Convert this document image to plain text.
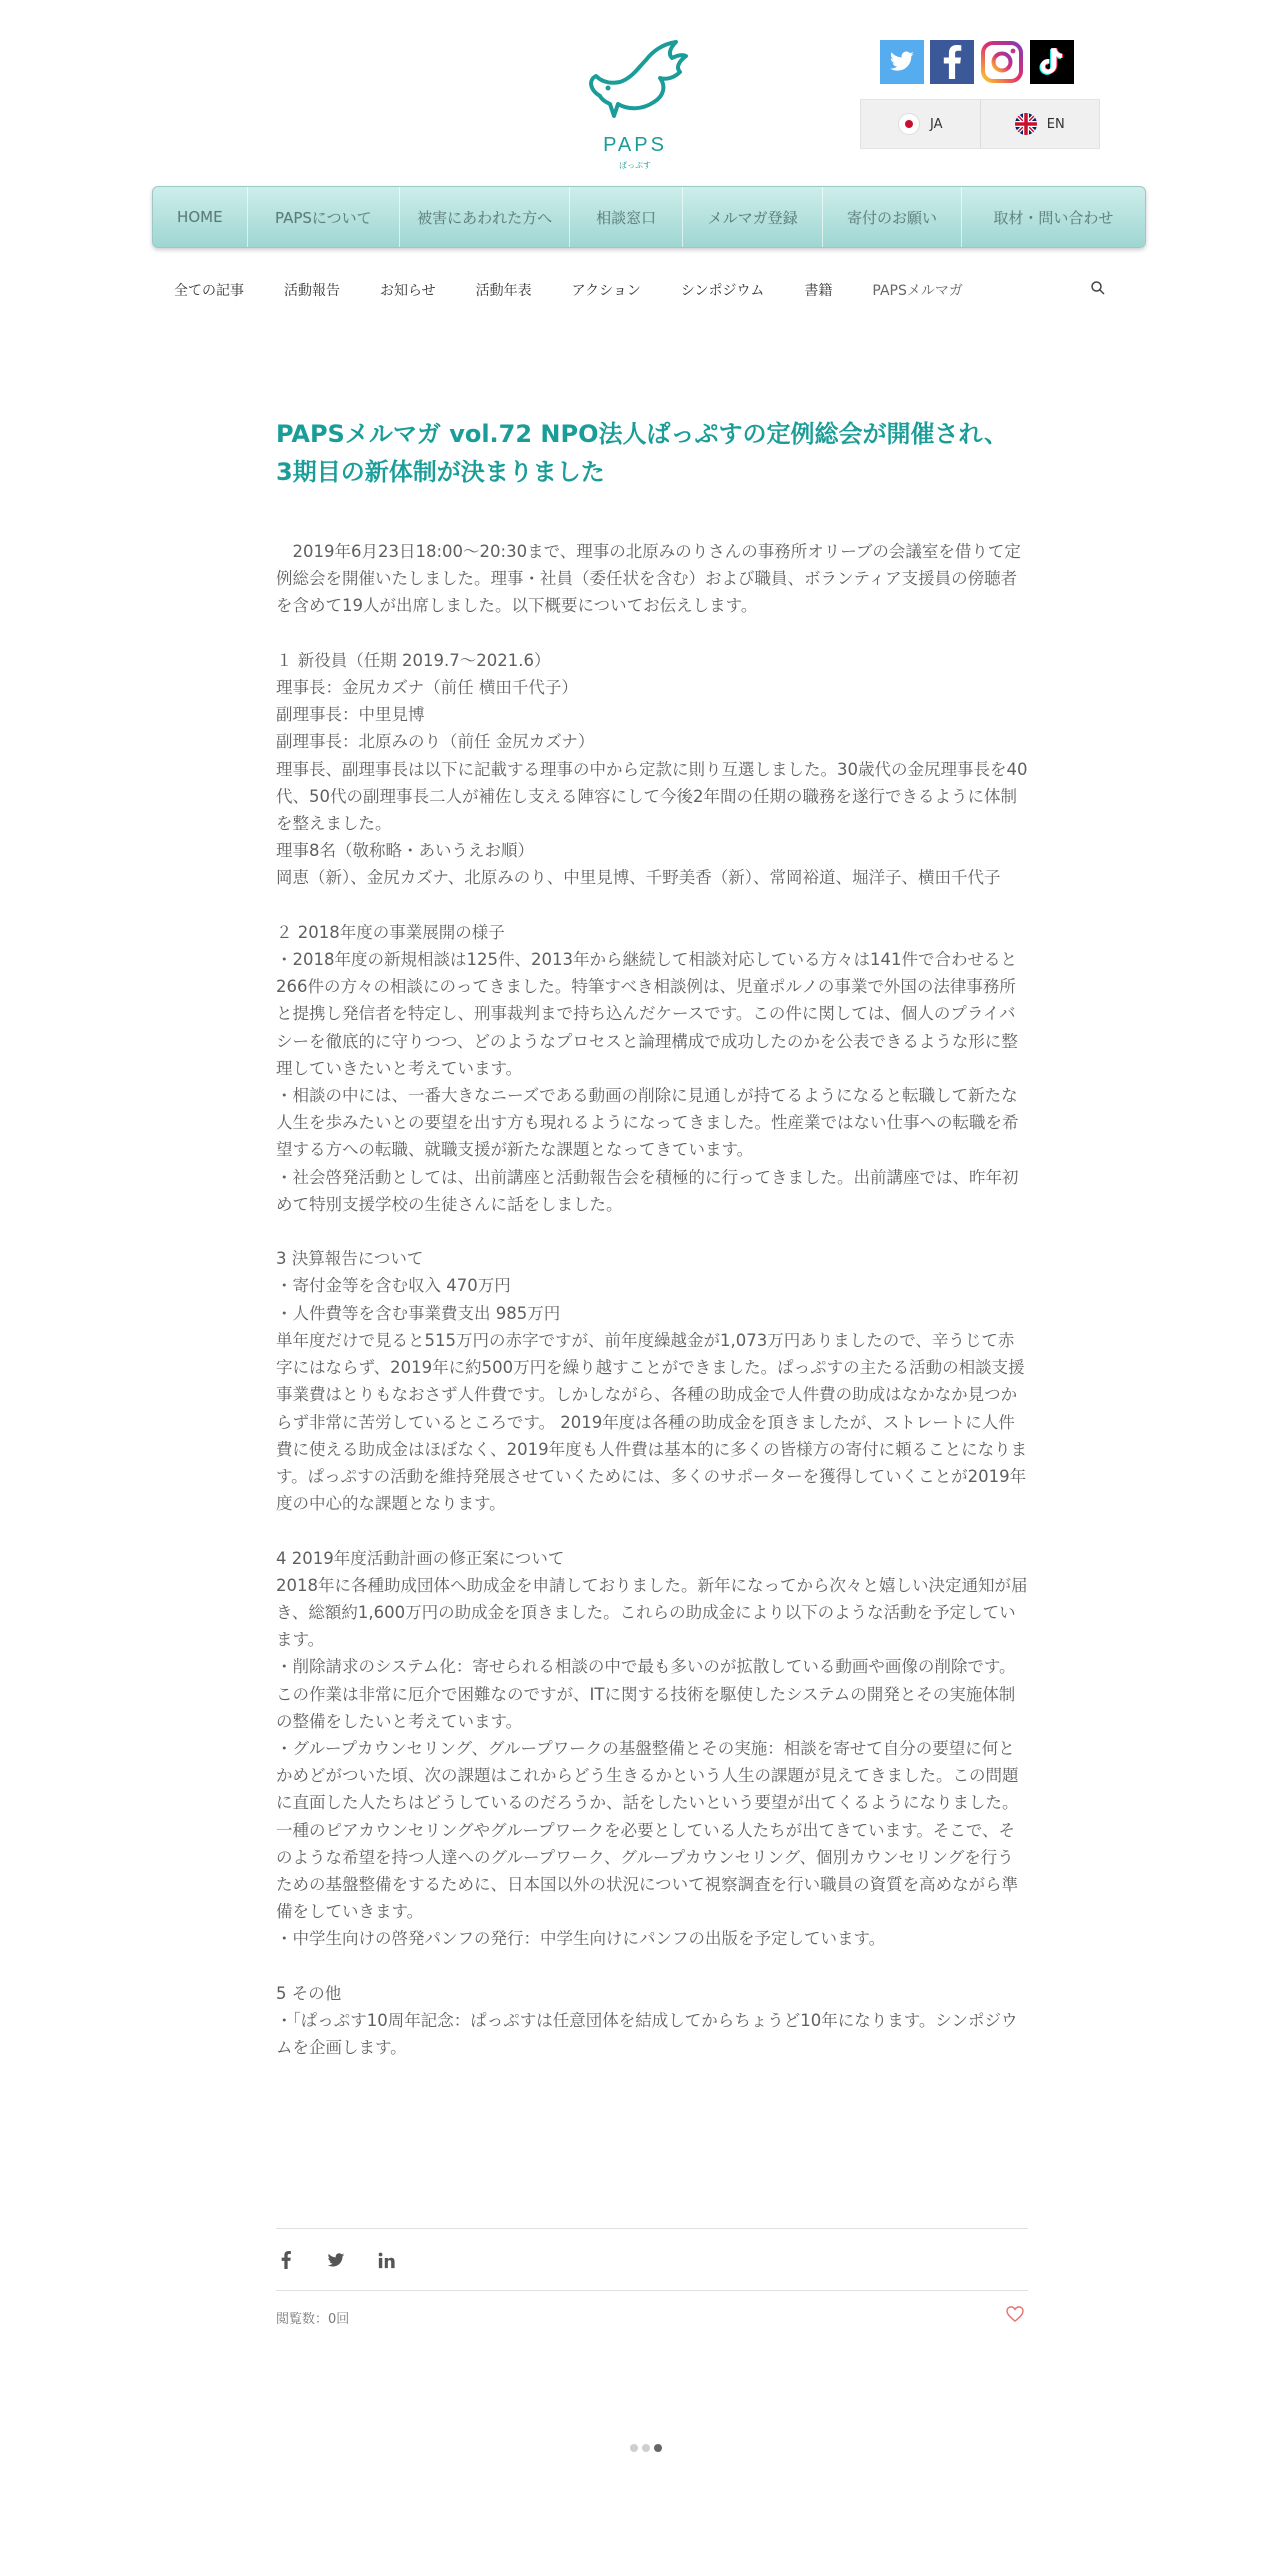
PAPS
ぱっぷす
JA	EN
HOME	PAPSについて	被害にあわれた方へ	相談窓口	メルマガ登録	寄付のお願い	取材・問い合わせ
全ての記事	活動報告	お知らせ	活動年表	アクション	シンポジウム	書籍	PAPSメルマガ
PAPSメルマガ vol.72 NPO法人ぱっぷすの定例総会が開催され、3期目の新体制が決まりました

　2019年6月23日18:00～20:30まで、理事の北原みのりさんの事務所オリーブの会議室を借りて定例総会を開催いたしました。理事・社員（委任状を含む）および職員、ボランティア支援員の傍聴者を含めて19人が出席しました。以下概要についてお伝えします。

１ 新役員（任期 2019.7～2021.6）

理事長：金尻カズナ（前任 横田千代子）

副理事長：中里見博

副理事長：北原みのり（前任 金尻カズナ）

理事長、副理事長は以下に記載する理事の中から定款に則り互選しました。30歳代の金尻理事長を40代、50代の副理事長二人が補佐し支える陣容にして今後2年間の任期の職務を遂行できるように体制を整えました。

理事8名（敬称略・あいうえお順）

岡恵（新）、金尻カズナ、北原みのり、中里見博、千野美香（新）、常岡裕道、堀洋子、横田千代子

２ 2018年度の事業展開の様子

・2018年度の新規相談は125件、2013年から継続して相談対応している方々は141件で合わせると266件の方々の相談にのってきました。特筆すべき相談例は、児童ポルノの事業で外国の法律事務所と提携し発信者を特定し、刑事裁判まで持ち込んだケースです。この件に関しては、個人のプライバシーを徹底的に守りつつ、どのようなプロセスと論理構成で成功したのかを公表できるような形に整理していきたいと考えています。

・相談の中には、一番大きなニーズである動画の削除に見通しが持てるようになると転職して新たな人生を歩みたいとの要望を出す方も現れるようになってきました。性産業ではない仕事への転職を希望する方への転職、就職支援が新たな課題となってきています。

・社会啓発活動としては、出前講座と活動報告会を積極的に行ってきました。出前講座では、昨年初めて特別支援学校の生徒さんに話をしました。

3 決算報告について

・寄付金等を含む収入 470万円

・人件費等を含む事業費支出 985万円

単年度だけで見ると515万円の赤字ですが、前年度繰越金が1,073万円ありましたので、辛うじて赤字にはならず、2019年に約500万円を繰り越すことができました。ぱっぷすの主たる活動の相談支援事業費はとりもなおさず人件費です。しかしながら、各種の助成金で人件費の助成はなかなか見つからず非常に苦労しているところです。 2019年度は各種の助成金を頂きましたが、ストレートに人件費に使える助成金はほぼなく、2019年度も人件費は基本的に多くの皆様方の寄付に頼ることになります。ぱっぷすの活動を維持発展させていくためには、多くのサポーターを獲得していくことが2019年度の中心的な課題となります。

4 2019年度活動計画の修正案について

2018年に各種助成団体へ助成金を申請しておりました。新年になってから次々と嬉しい決定通知が届き、総額約1,600万円の助成金を頂きました。これらの助成金により以下のような活動を予定しています。

・削除請求のシステム化：寄せられる相談の中で最も多いのが拡散している動画や画像の削除です。この作業は非常に厄介で困難なのですが、ITに関する技術を駆使したシステムの開発とその実施体制の整備をしたいと考えています。

・グループカウンセリング、グループワークの基盤整備とその実施：相談を寄せて自分の要望に何とかめどがついた頃、次の課題はこれからどう生きるかという人生の課題が見えてきました。この問題に直面した人たちはどうしているのだろうか、話をしたいという要望が出てくるようになりました。一種のピアカウンセリングやグループワークを必要としている人たちが出てきています。そこで、そのような希望を持つ人達へのグループワーク、グループカウンセリング、個別カウンセリングを行うための基盤整備をするために、日本国以外の状況について視察調査を行い職員の資質を高めながら準備をしていきます。

・中学生向けの啓発パンフの発行：中学生向けにパンフの出版を予定しています。

5 その他

・「ぱっぷす10周年記念：ぱっぷすは任意団体を結成してからちょうど10年になります。シンポジウムを企画します。

閲覧数：0回
